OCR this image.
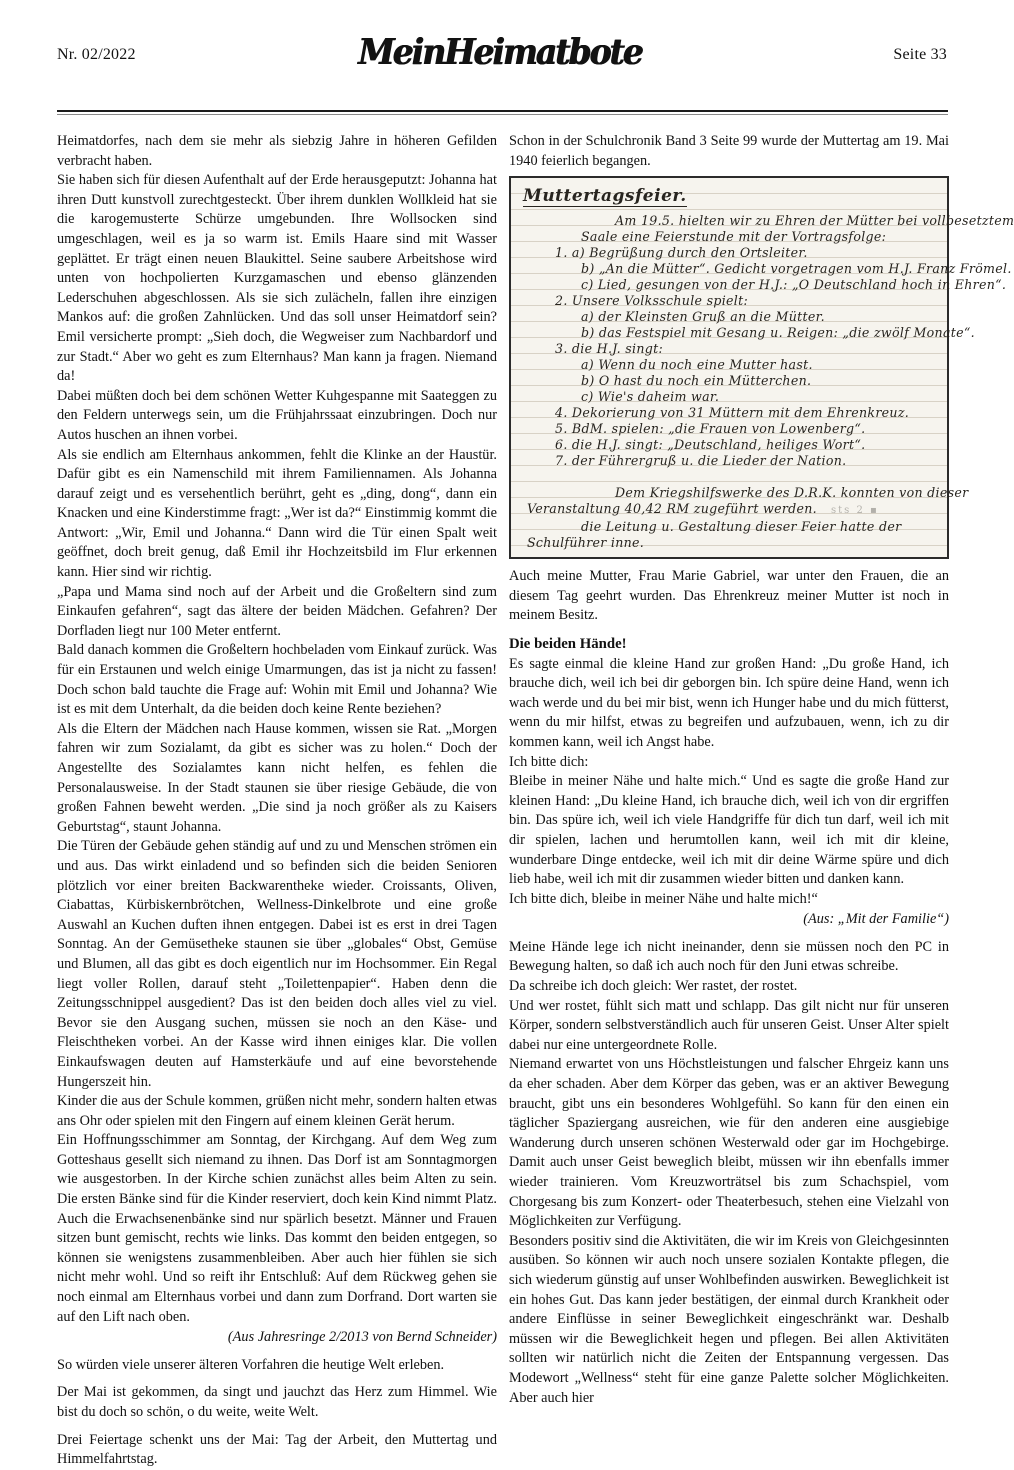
Nr. 02/2022	MeinHeimatbote	Seite 33

Heimatdorfes, nach dem sie mehr als siebzig Jahre in höheren Gefilden verbracht haben.

Sie haben sich für diesen Aufenthalt auf der Erde herausgeputzt: Johanna hat ihren Dutt kunstvoll zurechtgesteckt. Über ihrem dunklen Wollkleid hat sie die karogemusterte Schürze umgebunden. Ihre Wollsocken sind umgeschlagen, weil es ja so warm ist. Emils Haare sind mit Wasser geplättet. Er trägt einen neuen Blaukittel. Seine saubere Arbeitshose wird unten von hochpolierten Kurzgamaschen und ebenso glänzenden Lederschuhen abgeschlossen. Als sie sich zulächeln, fallen ihre einzigen Mankos auf: die großen Zahnlücken. Und das soll unser Heimatdorf sein? Emil versicherte prompt: „Sieh doch, die Wegweiser zum Nachbardorf und zur Stadt.“ Aber wo geht es zum Elternhaus? Man kann ja fragen. Niemand da!

Dabei müßten doch bei dem schönen Wetter Kuhgespanne mit Saateggen zu den Feldern unterwegs sein, um die Frühjahrssaat einzubringen. Doch nur Autos huschen an ihnen vorbei.

Als sie endlich am Elternhaus ankommen, fehlt die Klinke an der Haustür. Dafür gibt es ein Namenschild mit ihrem Familiennamen. Als Johanna darauf zeigt und es versehentlich berührt, geht es „ding, dong“, dann ein Knacken und eine Kinderstimme fragt: „Wer ist da?“ Einstimmig kommt die Antwort: „Wir, Emil und Johanna.“ Dann wird die Tür einen Spalt weit geöffnet, doch breit genug, daß Emil ihr Hochzeitsbild im Flur erkennen kann. Hier sind wir richtig.

„Papa und Mama sind noch auf der Arbeit und die Großeltern sind zum Einkaufen gefahren“, sagt das ältere der beiden Mädchen. Gefahren? Der Dorfladen liegt nur 100 Meter entfernt.

Bald danach kommen die Großeltern hochbeladen vom Einkauf zurück. Was für ein Erstaunen und welch einige Umarmungen, das ist ja nicht zu fassen! Doch schon bald tauchte die Frage auf: Wohin mit Emil und Johanna? Wie ist es mit dem Unterhalt, da die beiden doch keine Rente beziehen?

Als die Eltern der Mädchen nach Hause kommen, wissen sie Rat. „Morgen fahren wir zum Sozialamt, da gibt es sicher was zu holen.“ Doch der Angestellte des Sozialamtes kann nicht helfen, es fehlen die Personalausweise. In der Stadt staunen sie über riesige Gebäude, die von großen Fahnen beweht werden. „Die sind ja noch größer als zu Kaisers Geburtstag“, staunt Johanna.

Die Türen der Gebäude gehen ständig auf und zu und Menschen strömen ein und aus. Das wirkt einladend und so befinden sich die beiden Senioren plötzlich vor einer breiten Backwarentheke wieder. Croissants, Oliven, Ciabattas, Kürbiskernbrötchen, Wellness-Dinkelbrote und eine große Auswahl an Kuchen duften ihnen entgegen. Dabei ist es erst in drei Tagen Sonntag. An der Gemüsetheke staunen sie über „globales“ Obst, Gemüse und Blumen, all das gibt es doch eigentlich nur im Hochsommer. Ein Regal liegt voller Rollen, darauf steht „Toilettenpapier“. Haben denn die Zeitungsschnippel ausgedient? Das ist den beiden doch alles viel zu viel. Bevor sie den Ausgang suchen, müssen sie noch an den Käse- und Fleischtheken vorbei. An der Kasse wird ihnen einiges klar. Die vollen Einkaufswagen deuten auf Hamsterkäufe und auf eine bevorstehende Hungerszeit hin.

Kinder die aus der Schule kommen, grüßen nicht mehr, sondern halten etwas ans Ohr oder spielen mit den Fingern auf einem kleinen Gerät herum.

Ein Hoffnungsschimmer am Sonntag, der Kirchgang. Auf dem Weg zum Gotteshaus gesellt sich niemand zu ihnen. Das Dorf ist am Sonntagmorgen wie ausgestorben. In der Kirche schien zunächst alles beim Alten zu sein. Die ersten Bänke sind für die Kinder reserviert, doch kein Kind nimmt Platz. Auch die Erwachsenenbänke sind nur spärlich besetzt. Männer und Frauen sitzen bunt gemischt, rechts wie links. Das kommt den beiden entgegen, so können sie wenigstens zusammenbleiben. Aber auch hier fühlen sie sich nicht mehr wohl. Und so reift ihr Entschluß: Auf dem Rückweg gehen sie noch einmal am Elternhaus vorbei und dann zum Dorfrand. Dort warten sie auf den Lift nach oben.

(Aus Jahresringe 2/2013 von Bernd Schneider)

So würden viele unserer älteren Vorfahren die heutige Welt erleben.

Der Mai ist gekommen, da singt und jauchzt das Herz zum Himmel. Wie bist du doch so schön, o du weite, weite Welt.

Drei Feiertage schenkt uns der Mai: Tag der Arbeit, den Muttertag und Himmelfahrtstag.

Schon in der Schulchronik Band 3 Seite 99 wurde der Muttertag am 19. Mai 1940 feierlich begangen.

Muttertagsfeier.
Am 19.5. hielten wir zu Ehren der Mütter bei vollbesetztem
Saale eine Feierstunde mit der Vortragsfolge:
1. a) Begrüßung durch den Ortsleiter.
b) „An die Mütter“. Gedicht vorgetragen vom H.J. Franz Frömel.
c) Lied, gesungen von der H.J.: „O Deutschland hoch in Ehren“.
2. Unsere Volksschule spielt:
a) der Kleinsten Gruß an die Mütter.
b) das Festspiel mit Gesang u. Reigen: „die zwölf Monate“.
3. die H.J. singt:
a) Wenn du noch eine Mutter hast.
b) O hast du noch ein Mütterchen.
c) Wie's daheim war.
4. Dekorierung von 31 Müttern mit dem Ehrenkreuz.
5. BdM. spielen: „die Frauen von Lowenberg“.
6. die H.J. singt: „Deutschland, heiliges Wort“.
7. der Führergruß u. die Lieder der Nation.
Dem Kriegshilfswerke des D.R.K. konnten von dieser
Veranstaltung 40,42 RM zugeführt werden. sts 2 ▪
die Leitung u. Gestaltung dieser Feier hatte der
Schulführer inne.

Auch meine Mutter, Frau Marie Gabriel, war unter den Frauen, die an diesem Tag geehrt wurden. Das Ehrenkreuz meiner Mutter ist noch in meinem Besitz.

Die beiden Hände!

Es sagte einmal die kleine Hand zur großen Hand: „Du große Hand, ich brauche dich, weil ich bei dir geborgen bin. Ich spüre deine Hand, wenn ich wach werde und du bei mir bist, wenn ich Hunger habe und du mich fütterst, wenn du mir hilfst, etwas zu begreifen und aufzubauen, wenn, ich zu dir kommen kann, weil ich Angst habe.

Ich bitte dich:

Bleibe in meiner Nähe und halte mich.“ Und es sagte die große Hand zur kleinen Hand: „Du kleine Hand, ich brauche dich, weil ich von dir ergriffen bin. Das spüre ich, weil ich viele Handgriffe für dich tun darf, weil ich mit dir spielen, lachen und herumtollen kann, weil ich mit dir kleine, wunderbare Dinge entdecke, weil ich mit dir deine Wärme spüre und dich lieb habe, weil ich mit dir zusammen wieder bitten und danken kann.

Ich bitte dich, bleibe in meiner Nähe und halte mich!“

(Aus: „Mit der Familie“)

Meine Hände lege ich nicht ineinander, denn sie müssen noch den PC in Bewegung halten, so daß ich auch noch für den Juni etwas schreibe.

Da schreibe ich doch gleich: Wer rastet, der rostet.

Und wer rostet, fühlt sich matt und schlapp. Das gilt nicht nur für unseren Körper, sondern selbstverständlich auch für unseren Geist. Unser Alter spielt dabei nur eine untergeordnete Rolle.

Niemand erwartet von uns Höchstleistungen und falscher Ehrgeiz kann uns da eher schaden. Aber dem Körper das geben, was er an aktiver Bewegung braucht, gibt uns ein besonderes Wohlgefühl. So kann für den einen ein täglicher Spaziergang ausreichen, wie für den anderen eine ausgiebige Wanderung durch unseren schönen Westerwald oder gar im Hochgebirge. Damit auch unser Geist beweglich bleibt, müssen wir ihn ebenfalls immer wieder trainieren. Vom Kreuzworträtsel bis zum Schachspiel, vom Chorgesang bis zum Konzert- oder Theaterbesuch, stehen eine Vielzahl von Möglichkeiten zur Verfügung.

Besonders positiv sind die Aktivitäten, die wir im Kreis von Gleichgesinnten ausüben. So können wir auch noch unsere sozialen Kontakte pflegen, die sich wiederum günstig auf unser Wohlbefinden auswirken. Beweglichkeit ist ein hohes Gut. Das kann jeder bestätigen, der einmal durch Krankheit oder andere Einflüsse in seiner Beweglichkeit eingeschränkt war. Deshalb müssen wir die Beweglichkeit hegen und pflegen. Bei allen Aktivitäten sollten wir natürlich nicht die Zeiten der Entspannung vergessen. Das Modewort „Wellness“ steht für eine ganze Palette solcher Möglichkeiten. Aber auch hier
